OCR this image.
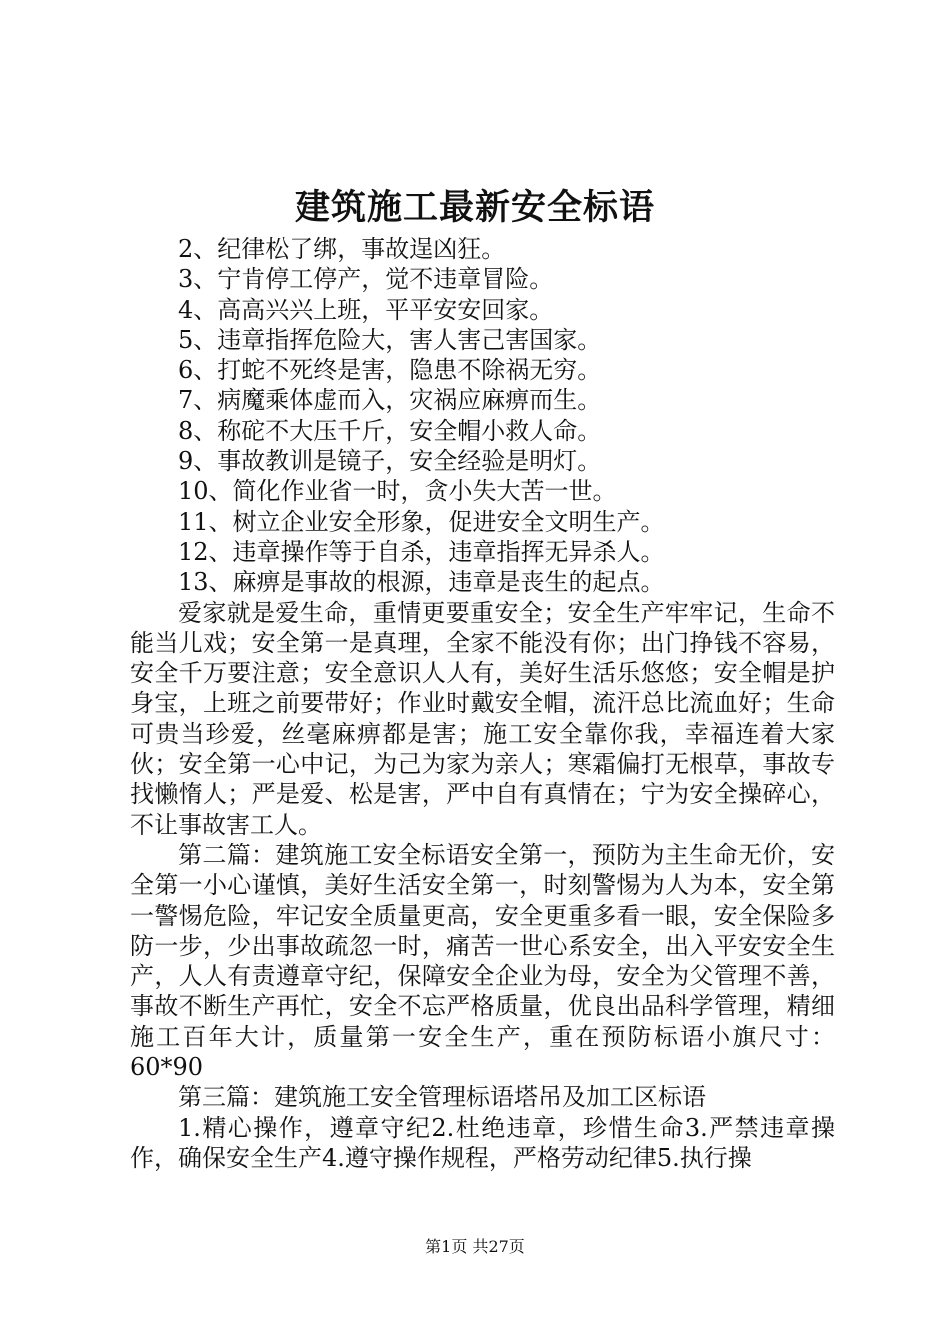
建筑施工最新安全标语
2、纪律松了绑，事故逞凶狂。
3、宁肯停工停产，觉不违章冒险。
4、高高兴兴上班，平平安安回家。
5、违章指挥危险大，害人害己害国家。
6、打蛇不死终是害，隐患不除祸无穷。
7、病魔乘体虚而入，灾祸应麻痹而生。
8、称砣不大压千斤，安全帽小救人命。
9、事故教训是镜子，安全经验是明灯。
10、简化作业省一时，贪小失大苦一世。
11、树立企业安全形象，促进安全文明生产。
12、违章操作等于自杀，违章指挥无异杀人。
13、麻痹是事故的根源，违章是丧生的起点。

爱家就是爱生命，重情更要重安全；安全生产牢牢记，生命不能当儿戏；安全第一是真理，全家不能没有你；出门挣钱不容易，安全千万要注意；安全意识人人有，美好生活乐悠悠；安全帽是护身宝，上班之前要带好；作业时戴安全帽，流汗总比流血好；生命可贵当珍爱，丝毫麻痹都是害；施工安全靠你我，幸福连着大家伙；安全第一心中记，为己为家为亲人；寒霜偏打无根草，事故专找懒惰人；严是爱、松是害，严中自有真情在；宁为安全操碎心，不让事故害工人。

第二篇：建筑施工安全标语安全第一，预防为主生命无价，安全第一小心谨慎，美好生活安全第一，时刻警惕为人为本，安全第一警惕危险，牢记安全质量更高，安全更重多看一眼，安全保险多防一步，少出事故疏忽一时，痛苦一世心系安全，出入平安安全生产，人人有责遵章守纪，保障安全企业为母，安全为父管理不善，事故不断生产再忙，安全不忘严格质量，优良出品科学管理，精细施工百年大计，质量第一安全生产，重在预防标语小旗尺寸：60*90

第三篇：建筑施工安全管理标语塔吊及加工区标语

1.精心操作，遵章守纪2.杜绝违章，珍惜生命3.严禁违章操作，确保安全生产4.遵守操作规程，严格劳动纪律5.执行操

第1页 共27页
